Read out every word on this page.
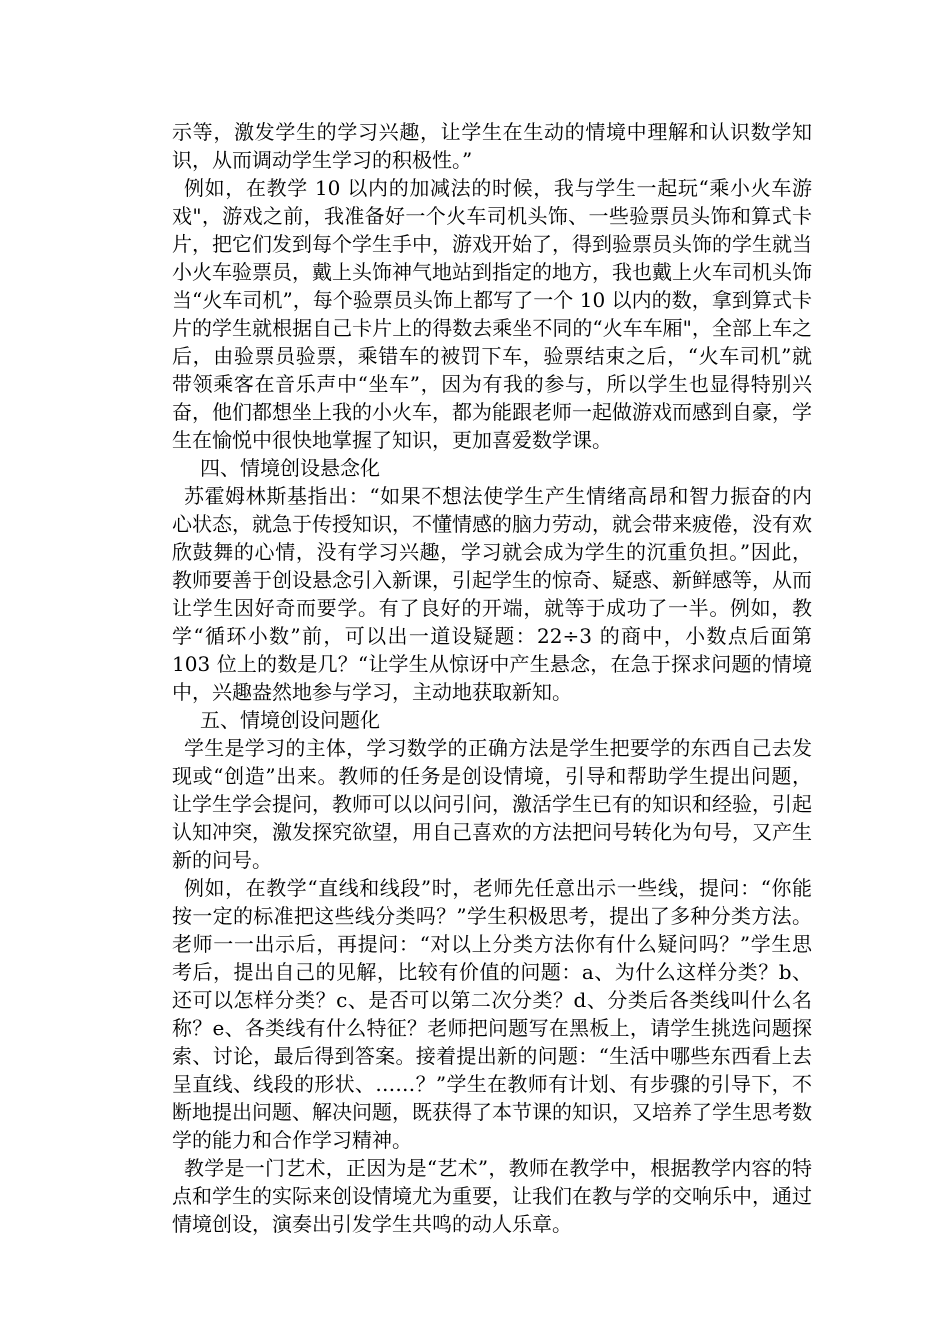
示等，激发学生的学习兴趣，让学生在生动的情境中理解和认识数学知识，从而调动学生学习的积极性。”

例如，在教学 10 以内的加减法的时候，我与学生一起玩“乘小火车游戏"，游戏之前，我准备好一个火车司机头饰、一些验票员头饰和算式卡片，把它们发到每个学生手中，游戏开始了，得到验票员头饰的学生就当小火车验票员，戴上头饰神气地站到指定的地方，我也戴上火车司机头饰当“火车司机”，每个验票员头饰上都写了一个 10 以内的数，拿到算式卡片的学生就根据自己卡片上的得数去乘坐不同的“火车车厢"，全部上车之后，由验票员验票，乘错车的被罚下车，验票结束之后，“火车司机”就带领乘客在音乐声中“坐车”，因为有我的参与，所以学生也显得特别兴奋，他们都想坐上我的小火车，都为能跟老师一起做游戏而感到自豪，学生在愉悦中很快地掌握了知识，更加喜爱数学课。

四、情境创设悬念化

苏霍姆林斯基指出：“如果不想法使学生产生情绪高昂和智力振奋的内心状态，就急于传授知识，不懂情感的脑力劳动，就会带来疲倦，没有欢欣鼓舞的心情，没有学习兴趣，学习就会成为学生的沉重负担。”因此，教师要善于创设悬念引入新课，引起学生的惊奇、疑惑、新鲜感等，从而让学生因好奇而要学。有了良好的开端，就等于成功了一半。例如，教学“循环小数”前，可以出一道设疑题：22÷3 的商中，小数点后面第 103 位上的数是几？“让学生从惊讶中产生悬念，在急于探求问题的情境中，兴趣盎然地参与学习，主动地获取新知。

五、情境创设问题化

学生是学习的主体，学习数学的正确方法是学生把要学的东西自己去发现或“创造”出来。教师的任务是创设情境，引导和帮助学生提出问题，让学生学会提问，教师可以以问引问，激活学生已有的知识和经验，引起认知冲突，激发探究欲望，用自己喜欢的方法把问号转化为句号，又产生新的问号。

例如，在教学“直线和线段”时，老师先任意出示一些线，提问：“你能按一定的标准把这些线分类吗？”学生积极思考，提出了多种分类方法。老师一一出示后，再提问：“对以上分类方法你有什么疑问吗？”学生思考后，提出自己的见解，比较有价值的问题：a、为什么这样分类？b、还可以怎样分类？c、是否可以第二次分类？d、分类后各类线叫什么名称？e、各类线有什么特征？老师把问题写在黑板上，请学生挑选问题探索、讨论，最后得到答案。接着提出新的问题：“生活中哪些东西看上去呈直线、线段的形状、……？”学生在教师有计划、有步骤的引导下，不断地提出问题、解决问题，既获得了本节课的知识，又培养了学生思考数学的能力和合作学习精神。

教学是一门艺术，正因为是“艺术”，教师在教学中，根据教学内容的特点和学生的实际来创设情境尤为重要，让我们在教与学的交响乐中，通过情境创设，演奏出引发学生共鸣的动人乐章。
